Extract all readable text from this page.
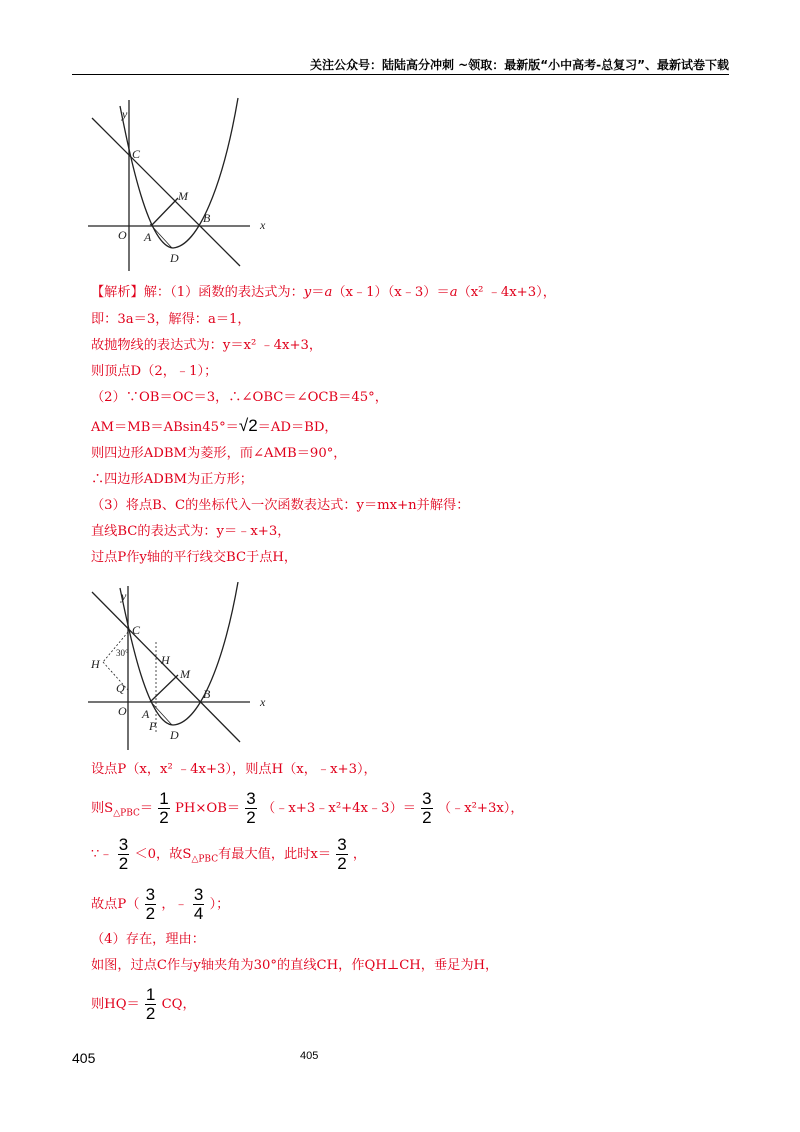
关注公众号：陆陆高分冲刺 ~领取：最新版“小中高考-总复习”、最新试卷下载
y
x
C
M
B
O A
D
【解析】解：（1）函数的表达式为：y＝a（x﹣1）（x﹣3）＝a（x² ﹣4x+3），
即：3a＝3，解得：a＝1，
故抛物线的表达式为：y＝x² ﹣4x+3，
则顶点D（2，﹣1）；
（2）∵OB＝OC＝3，∴∠OBC＝∠OCB＝45°，
AM＝MB＝ABsin45°＝√2＝AD＝BD，
则四边形ADBM为菱形，而∠AMB＝90°，
∴四边形ADBM为正方形；
（3）将点B、C的坐标代入一次函数表达式：y＝mx+n并解得：
直线BC的表达式为：y＝﹣x+3，
过点P作y轴的平行线交BC于点H，
y
x
C
H	H
30°
M
Q	B
O A
P
D
设点P（x，x² ﹣4x+3），则点H（x，﹣x+3），
则$S_{\triangle PBC}= \frac{1}{2} PH\times OB= \frac{3}{2}$ （﹣x+3﹣x²+4x﹣3）＝ $\frac{3}{2}$ （﹣x²+3x），
∵﹣ $\frac{3}{2} <0$，故$S_{\triangle PBC}$有最大值，此时$x= \frac{3}{2}$ ，
故点$P( \frac{3}{2}$ ，﹣ $\frac{3}{4}$ ）；
（4）存在，理由：
如图，过点C作与y轴夹角为30°的直线CH，作QH⊥CH，垂足为H，
则$HQ= \frac{1}{2}$ CQ，
405	405
